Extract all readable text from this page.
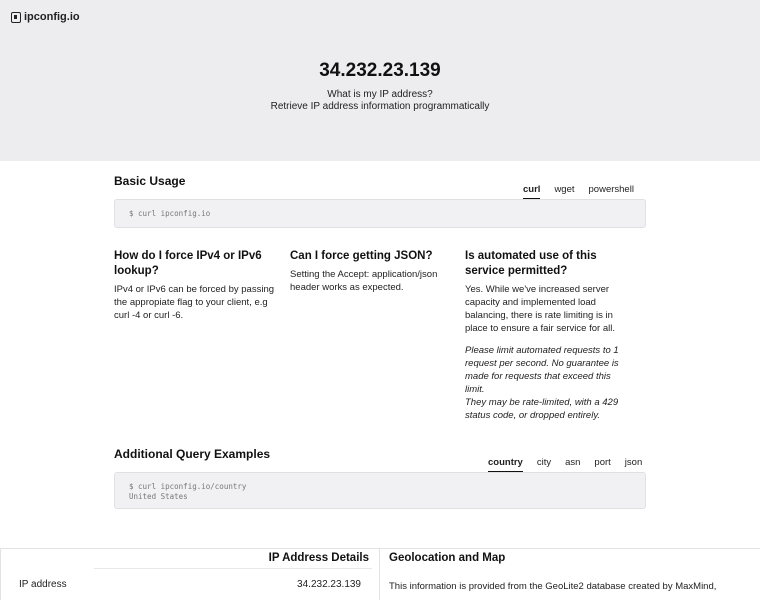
ipconfig.io
34.232.23.139
What is my IP address?
Retrieve IP address information programmatically
Basic Usage
curl wget powershell
$ curl ipconfig.io
How do I force IPv4 or IPv6 lookup?

IPv4 or IPv6 can be forced by passing the appropiate flag to your client, e.g curl -4 or curl -6.

Can I force getting JSON?

Setting the Accept: application/json header works as expected.

Is automated use of this service permitted?

Yes. While we've increased server capacity and implemented load balancing, there is rate limiting is in place to ensure a fair service for all.

Please limit automated requests to 1 request per second. No guarantee is made for requests that exceed this limit.
They may be rate-limited, with a 429 status code, or dropped entirely.

Additional Query Examples
country city asn port json
$ curl ipconfig.io/country
United States
IP Address Details
IP address	34.232.23.139
Geolocation and Map
This information is provided from the GeoLite2 database created by MaxMind,
